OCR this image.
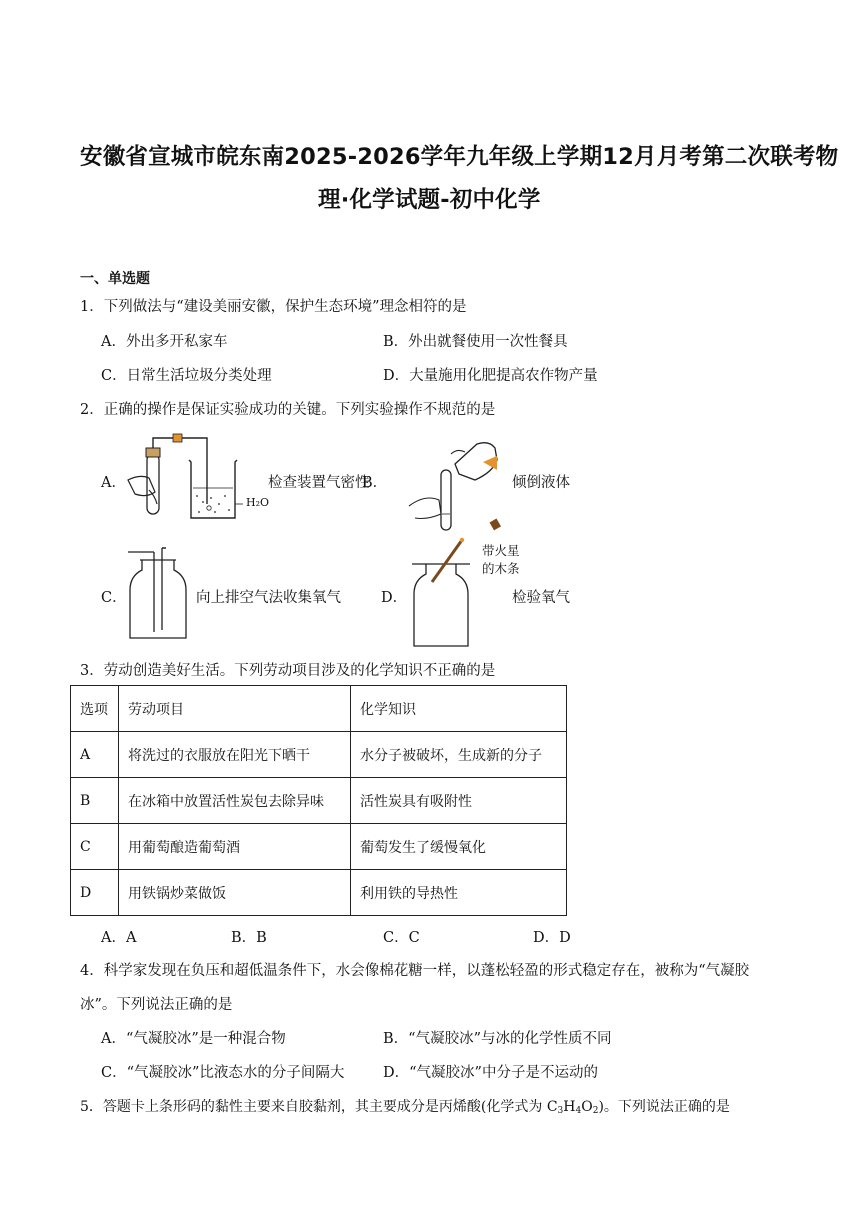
安徽省宣城市皖东南2025-2026学年九年级上学期12月月考第二次联考物
理·化学试题-初中化学
一、单选题
1．下列做法与“建设美丽安徽，保护生态环境”理念相符的是
A．外出多开私家车	B．外出就餐使用一次性餐具
C．日常生活垃圾分类处理	D．大量施用化肥提高农作物产量
2．正确的操作是保证实验成功的关键。下列实验操作不规范的是
A．
H₂O
检查装置气密性
B．	倾倒液体
C．	向上排空气法收集氧气	D．
带火星
的木条
检验氧气
3．劳动创造美好生活。下列劳动项目涉及的化学知识不正确的是
选项	劳动项目	化学知识
A	将洗过的衣服放在阳光下晒干	水分子被破坏，生成新的分子
B	在冰箱中放置活性炭包去除异味	活性炭具有吸附性
C	用葡萄酿造葡萄酒	葡萄发生了缓慢氧化
D	用铁锅炒菜做饭	利用铁的导热性
A．A	B．B	C．C	D．D
4．科学家发现在负压和超低温条件下，水会像棉花糖一样，以蓬松轻盈的形式稳定存在，被称为“气凝胶
冰”。下列说法正确的是
A．“气凝胶冰”是一种混合物	B．“气凝胶冰”与冰的化学性质不同
C．“气凝胶冰”比液态水的分子间隔大	D．“气凝胶冰”中分子是不运动的
5．答题卡上条形码的黏性主要来自胶黏剂，其主要成分是丙烯酸(化学式为 $C_3H_4O_2$)。下列说法正确的是
